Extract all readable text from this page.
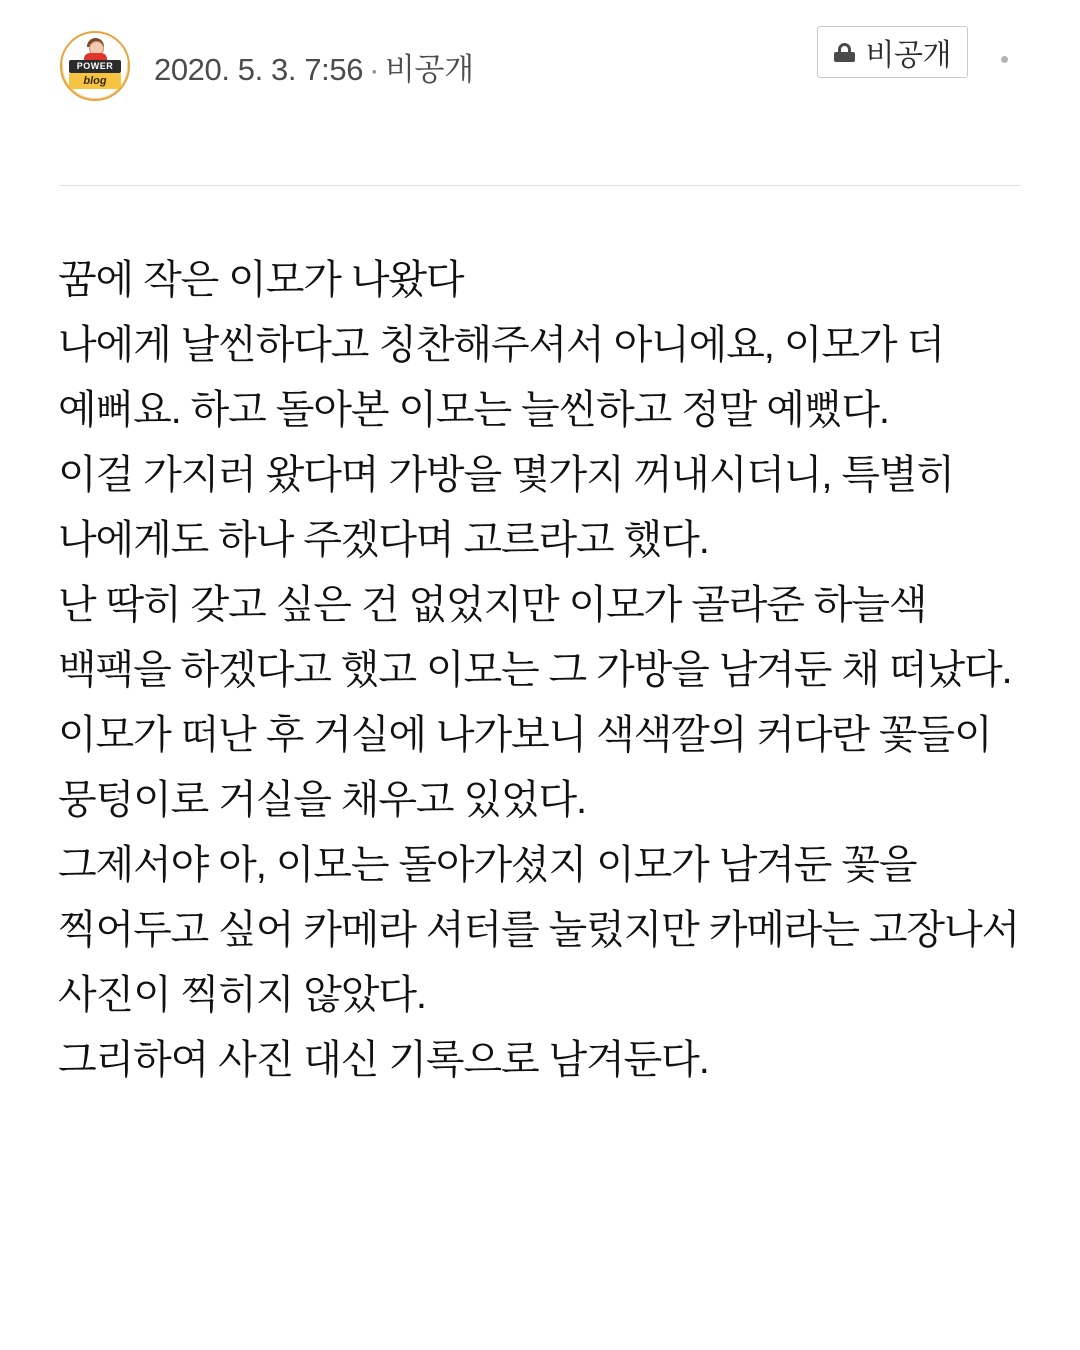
POWER
blog	2020. 5. 3. 7:56 · 비공개	비공개

꿈에 작은 이모가 나왔다

나에게 날씬하다고 칭찬해주셔서 아니에요, 이모가 더 예뻐요. 하고 돌아본 이모는 늘씬하고 정말 예뻤다.

이걸 가지러 왔다며 가방을 몇가지 꺼내시더니, 특별히 나에게도 하나 주겠다며 고르라고 했다.

난 딱히 갖고 싶은 건 없었지만 이모가 골라준 하늘색 백팩을 하겠다고 했고 이모는 그 가방을 남겨둔 채 떠났다.

이모가 떠난 후 거실에 나가보니 색색깔의 커다란 꽃들이 뭉텅이로 거실을 채우고 있었다.

그제서야 아, 이모는 돌아가셨지 이모가 남겨둔 꽃을 찍어두고 싶어 카메라 셔터를 눌렀지만 카메라는 고장나서 사진이 찍히지 않았다.

그리하여 사진 대신 기록으로 남겨둔다.
